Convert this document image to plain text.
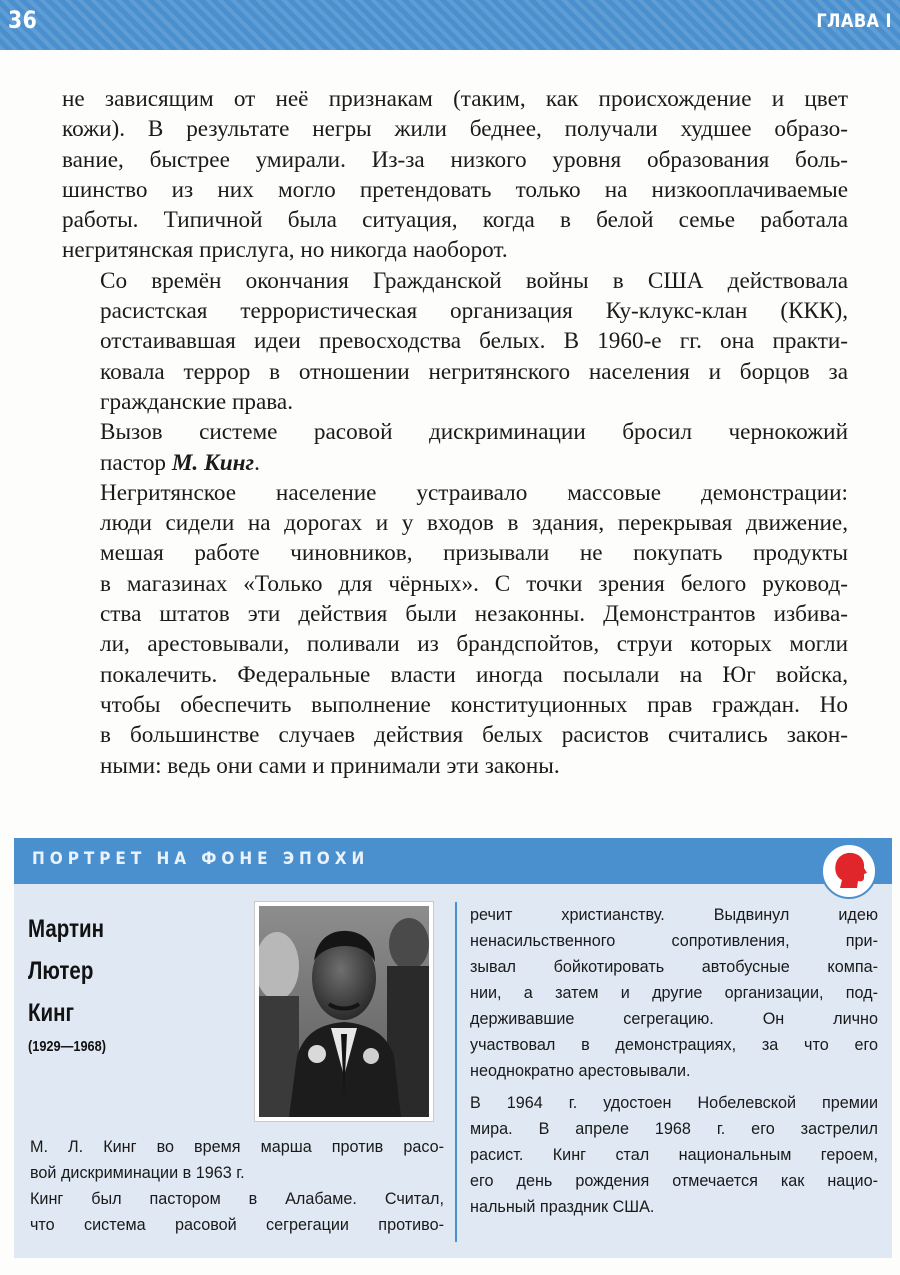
36	ГЛАВА I

не зависящим от неё признакам (таким, как происхождение и цвет
кожи). В результате негры жили беднее, получали худшее образо-
вание, быстрее умирали. Из-за низкого уровня образования боль-
шинство из них могло претендовать только на низкооплачиваемые
работы. Типичной была ситуация, когда в белой семье работала
негритянская прислуга, но никогда наоборот.

Со времён окончания Гражданской войны в США действовала
расистская террористическая организация Ку-клукс-клан (ККК),
отстаивавшая идеи превосходства белых. В 1960-е гг. она практи-
ковала террор в отношении негритянского населения и борцов за
гражданские права.

Вызов системе расовой дискриминации бросил чернокожий
пастор М. Кинг.

Негритянское население устраивало массовые демонстрации:
люди сидели на дорогах и у входов в здания, перекрывая движение,
мешая работе чиновников, призывали не покупать продукты
в магазинах «Только для чёрных». С точки зрения белого руковод-
ства штатов эти действия были незаконны. Демонстрантов избива-
ли, арестовывали, поливали из брандспойтов, струи которых могли
покалечить. Федеральные власти иногда посылали на Юг войска,
чтобы обеспечить выполнение конституционных прав граждан. Но
в большинстве случаев действия белых расистов считались закон-
ными: ведь они сами и принимали эти законы.

ПОРТРЕТ НА ФОНЕ ЭПОХИ
Мартин
Лютер
Кинг
(1929—1968)
М. Л. Кинг во время марша против расо-
вой дискриминации в 1963 г.
Кинг был пастором в Алабаме. Считал,
что система расовой сегрегации противо-
речит христианству. Выдвинул идею
ненасильственного сопротивления, при-
зывал бойкотировать автобусные компа-
нии, а затем и другие организации, под-
держивавшие сегрегацию. Он лично
участвовал в демонстрациях, за что его
неоднократно арестовывали.
В 1964 г. удостоен Нобелевской премии
мира. В апреле 1968 г. его застрелил
расист. Кинг стал национальным героем,
его день рождения отмечается как нацио-
нальный праздник США.
